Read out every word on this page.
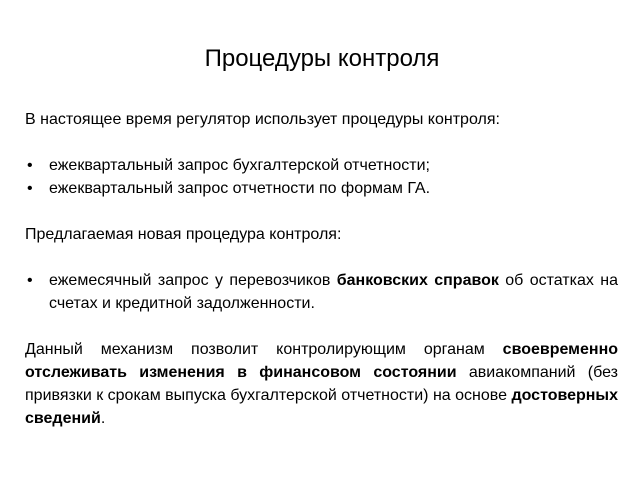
Процедуры контроля

В настоящее время регулятор использует процедуры контроля:

• ежеквартальный запрос бухгалтерской отчетности;
• ежеквартальный запрос отчетности по формам ГА.

Предлагаемая новая процедура контроля:

• ежемесячный запрос у перевозчиков банковских справок об остатках на счетах и кредитной задолженности.

Данный механизм позволит контролирующим органам своевременно отслеживать изменения в финансовом состоянии авиакомпаний (без привязки к срокам выпуска бухгалтерской отчетности) на основе достоверных сведений.
